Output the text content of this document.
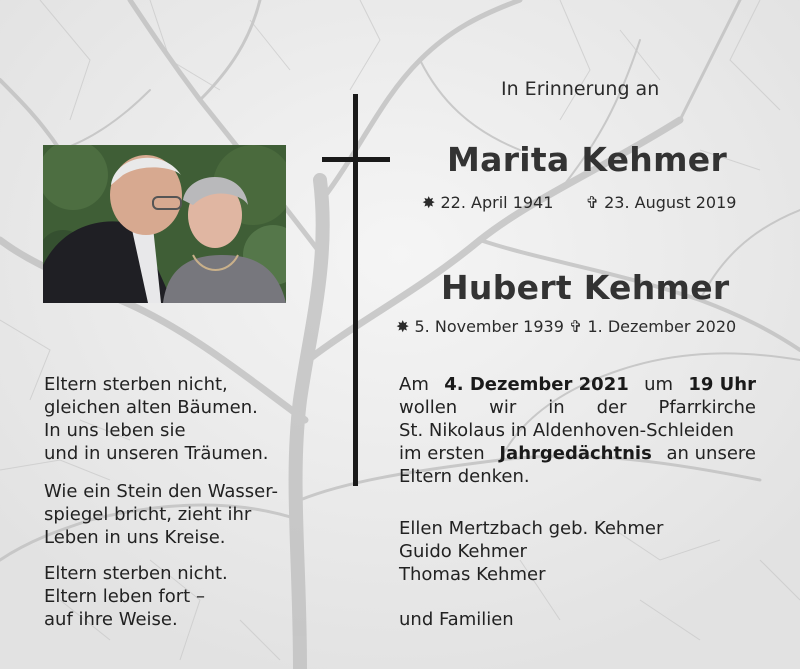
In Erinnerung an
Marita Kehmer
✸ 22. April 1941 ✞ 23. August 2019
Hubert Kehmer
✸ 5. November 1939 ✞ 1. Dezember 2020
Eltern sterben nicht,
gleichen alten Bäumen.
In uns leben sie
und in unseren Träumen.
Wie ein Stein den Wasser-
spiegel bricht, zieht ihr
Leben in uns Kreise.
Eltern sterben nicht.
Eltern leben fort –
auf ihre Weise.
Am 4. Dezember 2021 um 19 Uhr
wollen wir in der Pfarrkirche
St. Nikolaus in Aldenhoven-Schleiden
im ersten Jahrgedächtnis an unsere
Eltern denken.
Ellen Mertzbach geb. Kehmer
Guido Kehmer
Thomas Kehmer
und Familien
